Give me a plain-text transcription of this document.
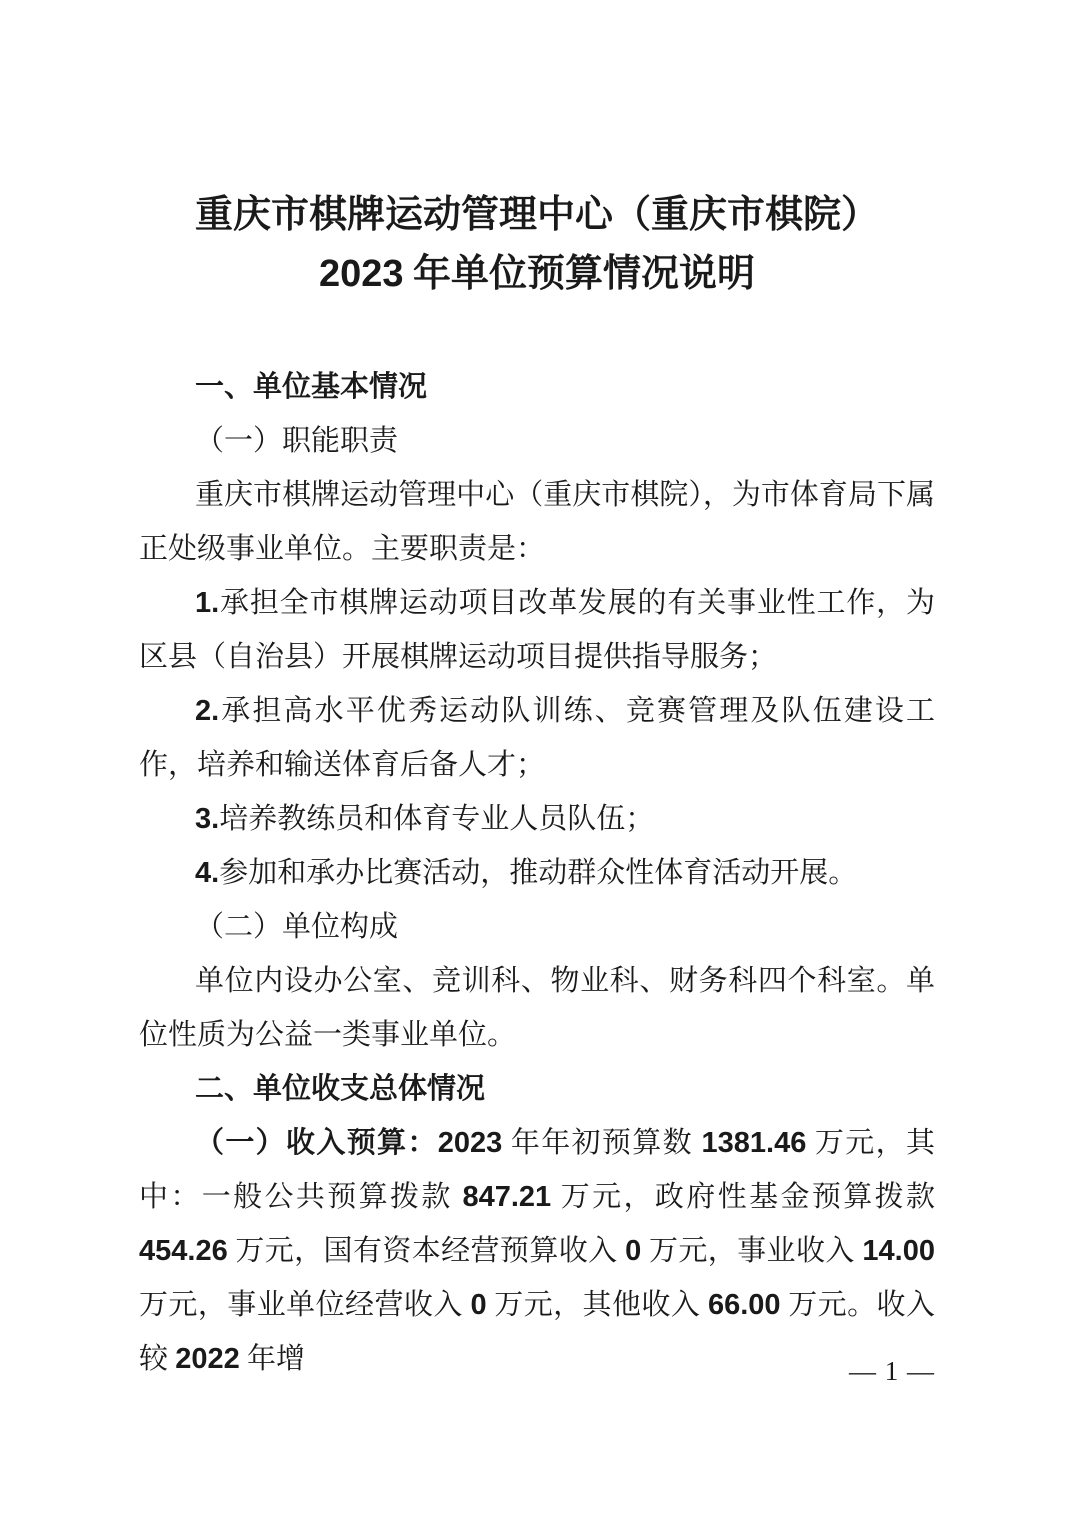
重庆市棋牌运动管理中心（重庆市棋院）
2023 年单位预算情况说明

一、单位基本情况

（一）职能职责

重庆市棋牌运动管理中心（重庆市棋院），为市体育局下属正处级事业单位。主要职责是：

1.承担全市棋牌运动项目改革发展的有关事业性工作，为区县（自治县）开展棋牌运动项目提供指导服务；

2.承担高水平优秀运动队训练、竞赛管理及队伍建设工作，培养和输送体育后备人才；

3.培养教练员和体育专业人员队伍；

4.参加和承办比赛活动，推动群众性体育活动开展。

（二）单位构成

单位内设办公室、竞训科、物业科、财务科四个科室。单位性质为公益一类事业单位。

二、单位收支总体情况

（一）收入预算：2023 年年初预算数 1381.46 万元，其中：一般公共预算拨款 847.21 万元，政府性基金预算拨款 454.26 万元，国有资本经营预算收入 0 万元，事业收入 14.00 万元，事业单位经营收入 0 万元，其他收入 66.00 万元。收入较 2022 年增	— 1 —
